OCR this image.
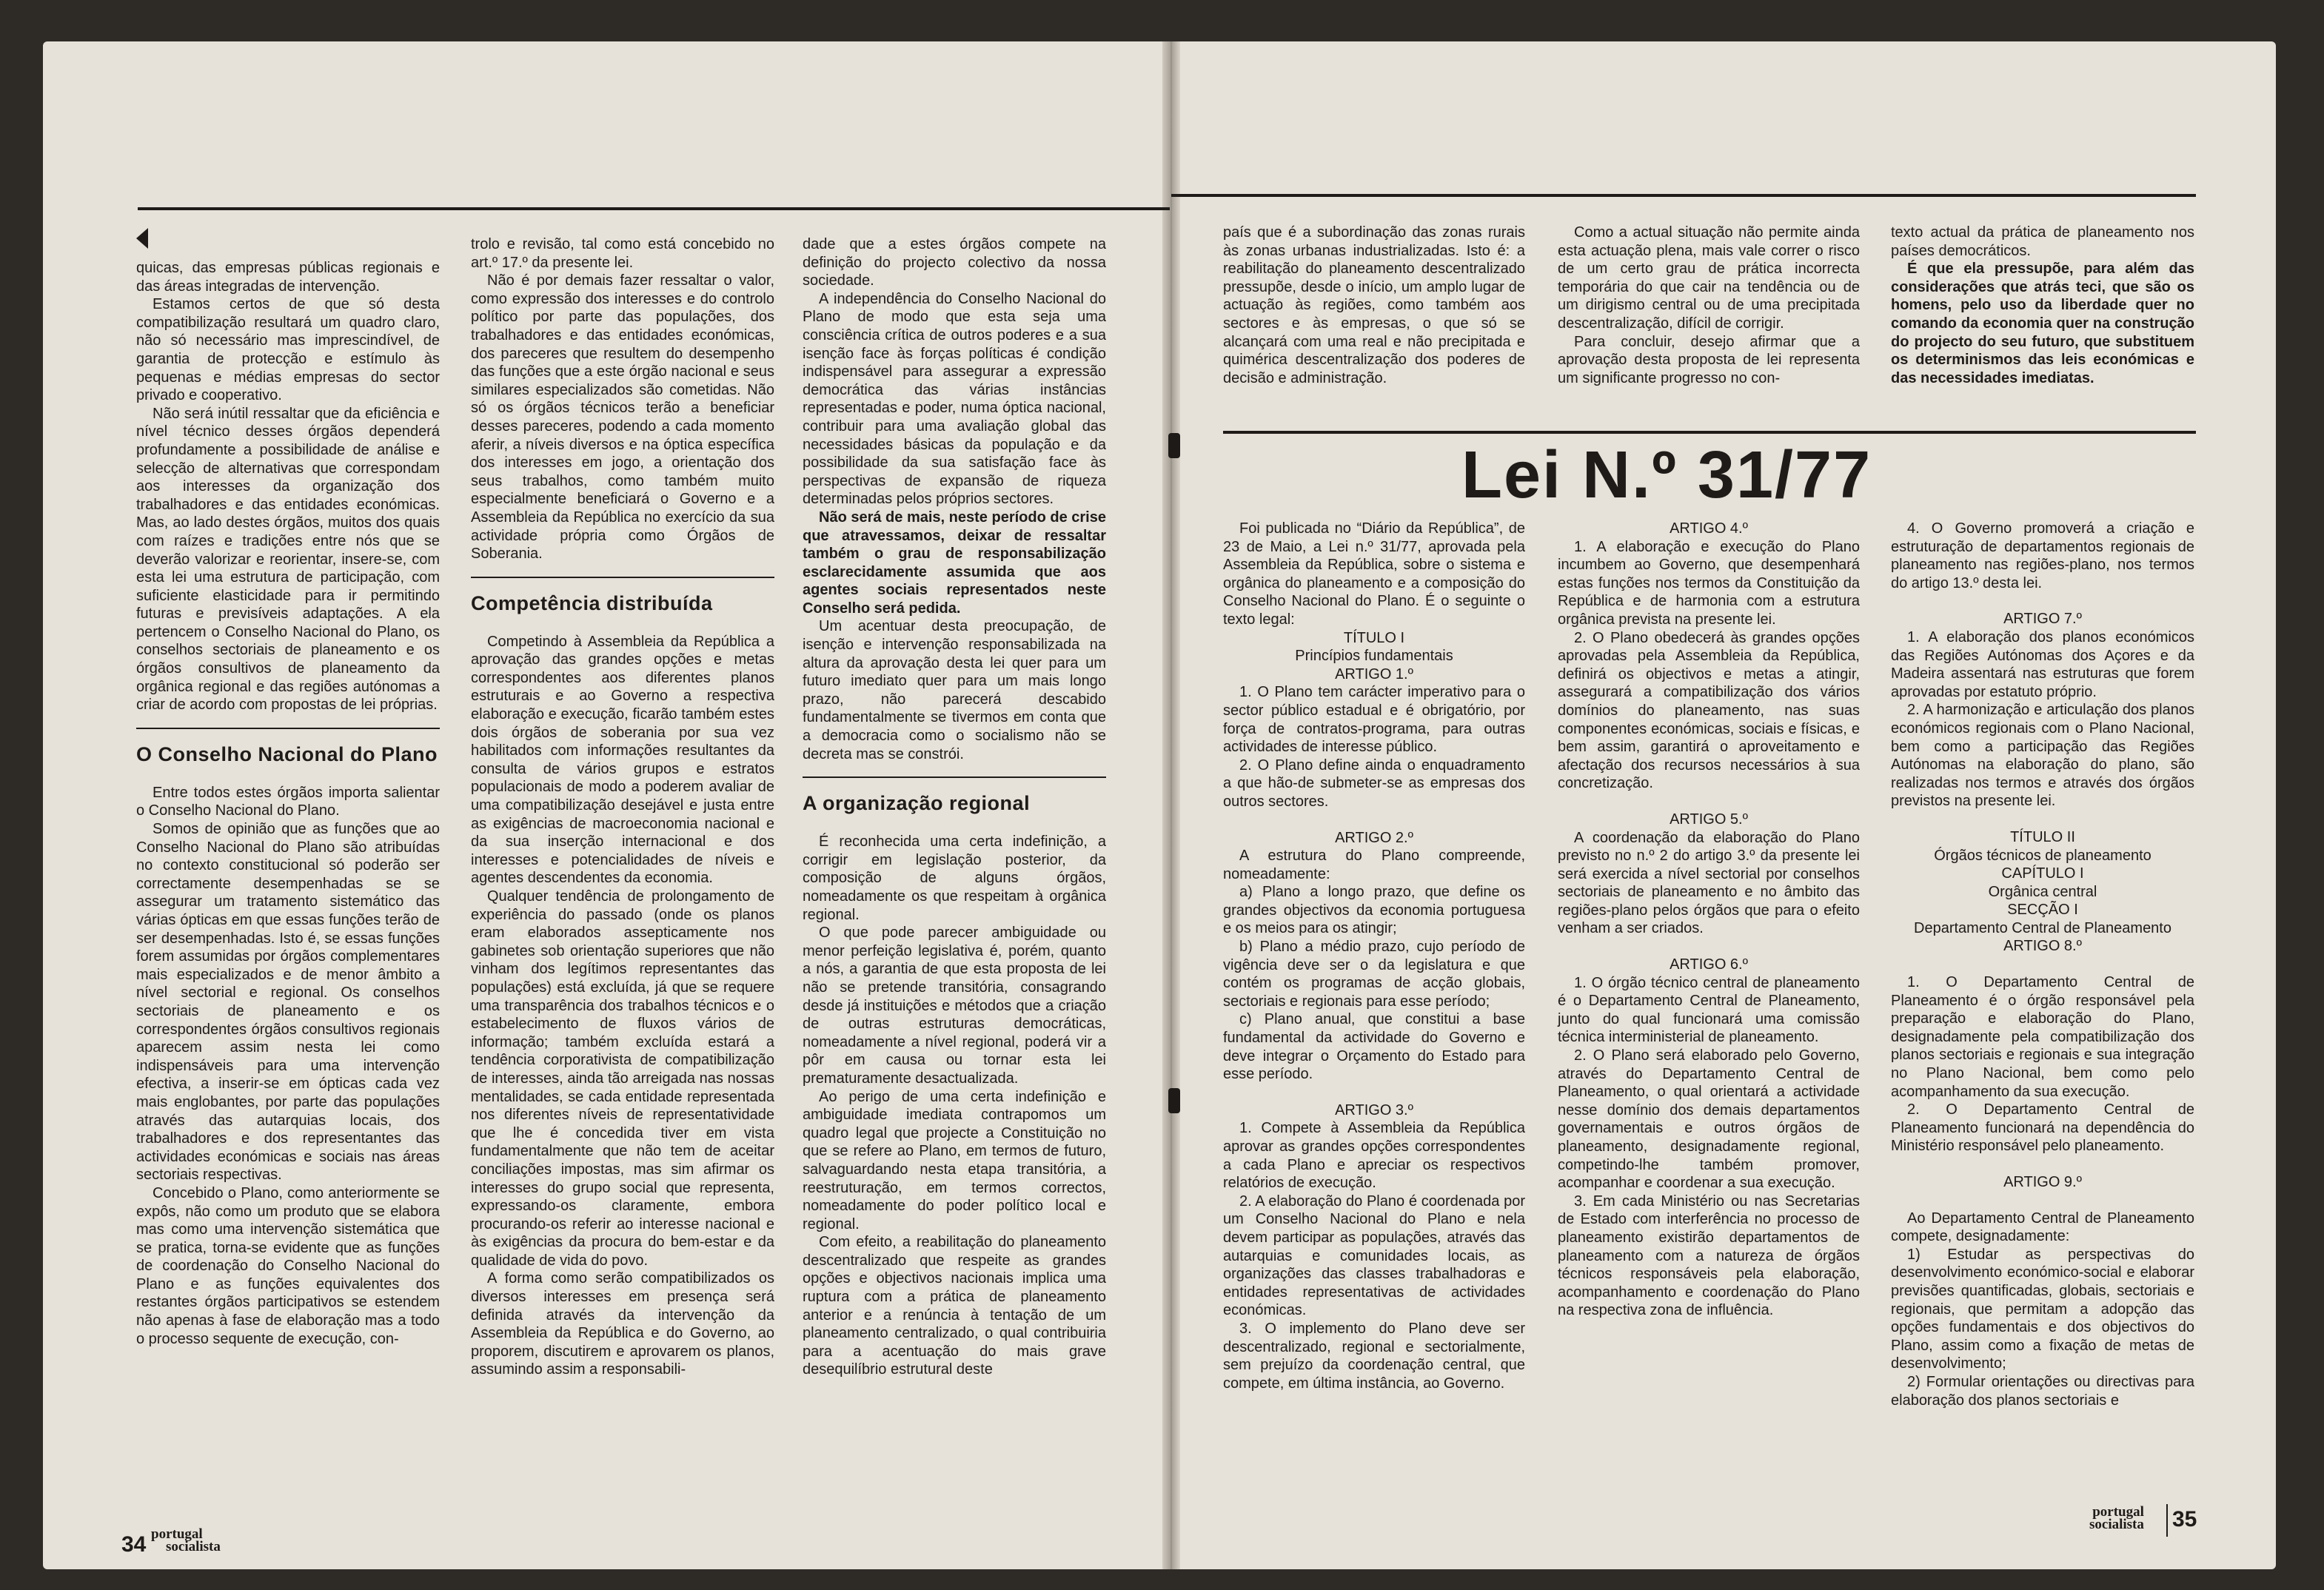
quicas, das empresas públicas regionais e das áreas integradas de intervenção.

Estamos certos de que só desta compatibilização resultará um quadro claro, não só necessário mas imprescindível, de garantia de protecção e estímulo às pequenas e médias empresas do sector privado e cooperativo.

Não será inútil ressaltar que da eficiência e nível técnico desses órgãos dependerá profundamente a possibilidade de análise e selecção de alternativas que correspondam aos interesses da organização dos trabalhadores e das entidades económicas. Mas, ao lado destes órgãos, muitos dos quais com raízes e tradições entre nós que se deverão valorizar e reorientar, insere-se, com esta lei uma estrutura de participação, com suficiente elasticidade para ir permitindo futuras e previsíveis adaptações. A ela pertencem o Conselho Nacional do Plano, os conselhos sectoriais de planeamento e os órgãos consultivos de planeamento da orgânica regional e das regiões autónomas a criar de acordo com propostas de lei próprias.

O Conselho Nacional do Plano

Entre todos estes órgãos importa salientar o Conselho Nacional do Plano.

Somos de opinião que as funções que ao Conselho Nacional do Plano são atribuídas no contexto constitucional só poderão ser correctamente desempenhadas se se assegurar um tratamento sistemático das várias ópticas em que essas funções terão de ser desempenhadas. Isto é, se essas funções forem assumidas por órgãos complementares mais especializados e de menor âmbito a nível sectorial e regional. Os conselhos sectoriais de planeamento e os correspondentes órgãos consultivos regionais aparecem assim nesta lei como indispensáveis para uma intervenção efectiva, a inserir-se em ópticas cada vez mais englobantes, por parte das populações através das autarquias locais, dos trabalhadores e dos representantes das actividades económicas e sociais nas áreas sectoriais respectivas.

Concebido o Plano, como anteriormente se expôs, não como um produto que se elabora mas como uma intervenção sistemática que se pratica, torna-se evidente que as funções de coordenação do Conselho Nacional do Plano e as funções equivalentes dos restantes órgãos participativos se estendem não apenas à fase de elaboração mas a todo o processo sequente de execução, con-

trolo e revisão, tal como está concebido no art.º 17.º da presente lei.

Não é por demais fazer ressaltar o valor, como expressão dos interesses e do controlo político por parte das populações, dos trabalhadores e das entidades económicas, dos pareceres que resultem do desempenho das funções que a este órgão nacional e seus similares especializados são cometidas. Não só os órgãos técnicos terão a beneficiar desses pareceres, podendo a cada momento aferir, a níveis diversos e na óptica específica dos interesses em jogo, a orientação dos seus trabalhos, como também muito especialmente beneficiará o Governo e a Assembleia da República no exercício da sua actividade própria como Órgãos de Soberania.

Competência distribuída

Competindo à Assembleia da República a aprovação das grandes opções e metas correspondentes aos diferentes planos estruturais e ao Governo a respectiva elaboração e execução, ficarão também estes dois órgãos de soberania por sua vez habilitados com informações resultantes da consulta de vários grupos e estratos populacionais de modo a poderem avaliar de uma compatibilização desejável e justa entre as exigências de macroeconomia nacional e da sua inserção internacional e dos interesses e potencialidades de níveis e agentes descendentes da economia.

Qualquer tendência de prolongamento de experiência do passado (onde os planos eram elaborados assepticamente nos gabinetes sob orientação superiores que não vinham dos legítimos representantes das populações) está excluída, já que se requere uma transparência dos trabalhos técnicos e o estabelecimento de fluxos vários de informação; também excluída estará a tendência corporativista de compatibilização de interesses, ainda tão arreigada nas nossas mentalidades, se cada entidade representada nos diferentes níveis de representatividade que lhe é concedida tiver em vista fundamentalmente que não tem de aceitar conciliações impostas, mas sim afirmar os interesses do grupo social que representa, expressando-os claramente, embora procurando-os referir ao interesse nacional e às exigências da procura do bem-estar e da qualidade de vida do povo.

A forma como serão compatibilizados os diversos interesses em presença será definida através da intervenção da Assembleia da República e do Governo, ao proporem, discutirem e aprovarem os planos, assumindo assim a responsabili-

dade que a estes órgãos compete na definição do projecto colectivo da nossa sociedade.

A independência do Conselho Nacional do Plano de modo que esta seja uma consciência crítica de outros poderes e a sua isenção face às forças políticas é condição indispensável para assegurar a expressão democrática das várias instâncias representadas e poder, numa óptica nacional, contribuir para uma avaliação global das necessidades básicas da população e da possibilidade da sua satisfação face às perspectivas de expansão de riqueza determinadas pelos próprios sectores.

Não será de mais, neste período de crise que atravessamos, deixar de ressaltar também o grau de responsabilização esclarecidamente assumida que aos agentes sociais representados neste Conselho será pedida.

Um acentuar desta preocupação, de isenção e intervenção responsabilizada na altura da aprovação desta lei quer para um futuro imediato quer para um mais longo prazo, não parecerá descabido fundamentalmente se tivermos em conta que a democracia como o socialismo não se decreta mas se constrói.

A organização regional

É reconhecida uma certa indefinição, a corrigir em legislação posterior, da composição de alguns órgãos, nomeadamente os que respeitam à orgânica regional.

O que pode parecer ambiguidade ou menor perfeição legislativa é, porém, quanto a nós, a garantia de que esta proposta de lei não se pretende transitória, consagrando desde já instituições e métodos que a criação de outras estruturas democráticas, nomeadamente a nível regional, poderá vir a pôr em causa ou tornar esta lei prematuramente desactualizada.

Ao perigo de uma certa indefinição e ambiguidade imediata contrapomos um quadro legal que projecte a Constituição no que se refere ao Plano, em termos de futuro, salvaguardando nesta etapa transitória, a reestruturação, em termos correctos, nomeadamente do poder político local e regional.

Com efeito, a reabilitação do planeamento descentralizado que respeite as grandes opções e objectivos nacionais implica uma ruptura com a prática de planeamento anterior e a renúncia à tentação de um planeamento centralizado, o qual contribuiria para a acentuação do mais grave desequilíbrio estrutural deste

34 portugal
socialista

país que é a subordinação das zonas rurais às zonas urbanas industrializadas. Isto é: a reabilitação do planeamento descentralizado pressupõe, desde o início, um amplo lugar de actuação às regiões, como também aos sectores e às empresas, o que só se alcançará com uma real e não precipitada e quimérica descentralização dos poderes de decisão e administração.

Como a actual situação não permite ainda esta actuação plena, mais vale correr o risco de um certo grau de prática incorrecta temporária do que cair na tendência ou de um dirigismo central ou de uma precipitada descentralização, difícil de corrigir.

Para concluir, desejo afirmar que a aprovação desta proposta de lei representa um significante progresso no con-

texto actual da prática de planeamento nos países democráticos.

É que ela pressupõe, para além das considerações que atrás teci, que são os homens, pelo uso da liberdade quer no comando da economia quer na construção do projecto do seu futuro, que substituem os determinismos das leis económicas e das necessidades imediatas.

Lei N.º 31/77

Foi publicada no “Diário da República”, de 23 de Maio, a Lei n.º 31/77, aprovada pela Assembleia da República, sobre o sistema e orgânica do planeamento e a composição do Conselho Nacional do Plano. É o seguinte o texto legal:

TÍTULO I

Princípios fundamentais

ARTIGO 1.º

1. O Plano tem carácter imperativo para o sector público estadual e é obrigatório, por força de contratos-programa, para outras actividades de interesse público.

2. O Plano define ainda o enquadramento a que hão-de submeter-se as empresas dos outros sectores.

ARTIGO 2.º

A estrutura do Plano compreende, nomeadamente:

a) Plano a longo prazo, que define os grandes objectivos da economia portuguesa e os meios para os atingir;

b) Plano a médio prazo, cujo período de vigência deve ser o da legislatura e que contém os programas de acção globais, sectoriais e regionais para esse período;

c) Plano anual, que constitui a base fundamental da actividade do Governo e deve integrar o Orçamento do Estado para esse período.

ARTIGO 3.º

1. Compete à Assembleia da República aprovar as grandes opções correspondentes a cada Plano e apreciar os respectivos relatórios de execução.

2. A elaboração do Plano é coordenada por um Conselho Nacional do Plano e nela devem participar as populações, através das autarquias e comunidades locais, as organizações das classes trabalhadoras e entidades representativas de actividades económicas.

3. O implemento do Plano deve ser descentralizado, regional e sectorialmente, sem prejuízo da coordenação central, que compete, em última instância, ao Governo.

ARTIGO 4.º

1. A elaboração e execução do Plano incumbem ao Governo, que desempenhará estas funções nos termos da Constituição da República e de harmonia com a estrutura orgânica prevista na presente lei.

2. O Plano obedecerá às grandes opções aprovadas pela Assembleia da República, definirá os objectivos e metas a atingir, assegurará a compatibilização dos vários domínios do planeamento, nas suas componentes económicas, sociais e físicas, e bem assim, garantirá o aproveitamento e afectação dos recursos necessários à sua concretização.

ARTIGO 5.º

A coordenação da elaboração do Plano previsto no n.º 2 do artigo 3.º da presente lei será exercida a nível sectorial por conselhos sectoriais de planeamento e no âmbito das regiões-plano pelos órgãos que para o efeito venham a ser criados.

ARTIGO 6.º

1. O órgão técnico central de planeamento é o Departamento Central de Planeamento, junto do qual funcionará uma comissão técnica interministerial de planeamento.

2. O Plano será elaborado pelo Governo, através do Departamento Central de Planeamento, o qual orientará a actividade nesse domínio dos demais departamentos governamentais e outros órgãos de planeamento, designadamente regional, competindo-lhe também promover, acompanhar e coordenar a sua execução.

3. Em cada Ministério ou nas Secretarias de Estado com interferência no processo de planeamento existirão departamentos de planeamento com a natureza de órgãos técnicos responsáveis pela elaboração, acompanhamento e coordenação do Plano na respectiva zona de influência.

4. O Governo promoverá a criação e estruturação de departamentos regionais de planeamento nas regiões-plano, nos termos do artigo 13.º desta lei.

ARTIGO 7.º

1. A elaboração dos planos económicos das Regiões Autónomas dos Açores e da Madeira assentará nas estruturas que forem aprovadas por estatuto próprio.

2. A harmonização e articulação dos planos económicos regionais com o Plano Nacional, bem como a participação das Regiões Autónomas na elaboração do plano, são realizadas nos termos e através dos órgãos previstos na presente lei.

TÍTULO II

Órgãos técnicos de planeamento

CAPÍTULO I

Orgânica central

SECÇÃO I

Departamento Central de Planeamento

ARTIGO 8.º

1. O Departamento Central de Planeamento é o órgão responsável pela preparação e elaboração do Plano, designadamente pela compatibilização dos planos sectoriais e regionais e sua integração no Plano Nacional, bem como pelo acompanhamento da sua execução.

2. O Departamento Central de Planeamento funcionará na dependência do Ministério responsável pelo planeamento.

ARTIGO 9.º

Ao Departamento Central de Planeamento compete, designadamente:

1) Estudar as perspectivas do desenvolvimento económico-social e elaborar previsões quantificadas, globais, sectoriais e regionais, que permitam a adopção das opções fundamentais e dos objectivos do Plano, assim como a fixação de metas de desenvolvimento;

2) Formular orientações ou directivas para elaboração dos planos sectoriais e

portugal
socialista 35
